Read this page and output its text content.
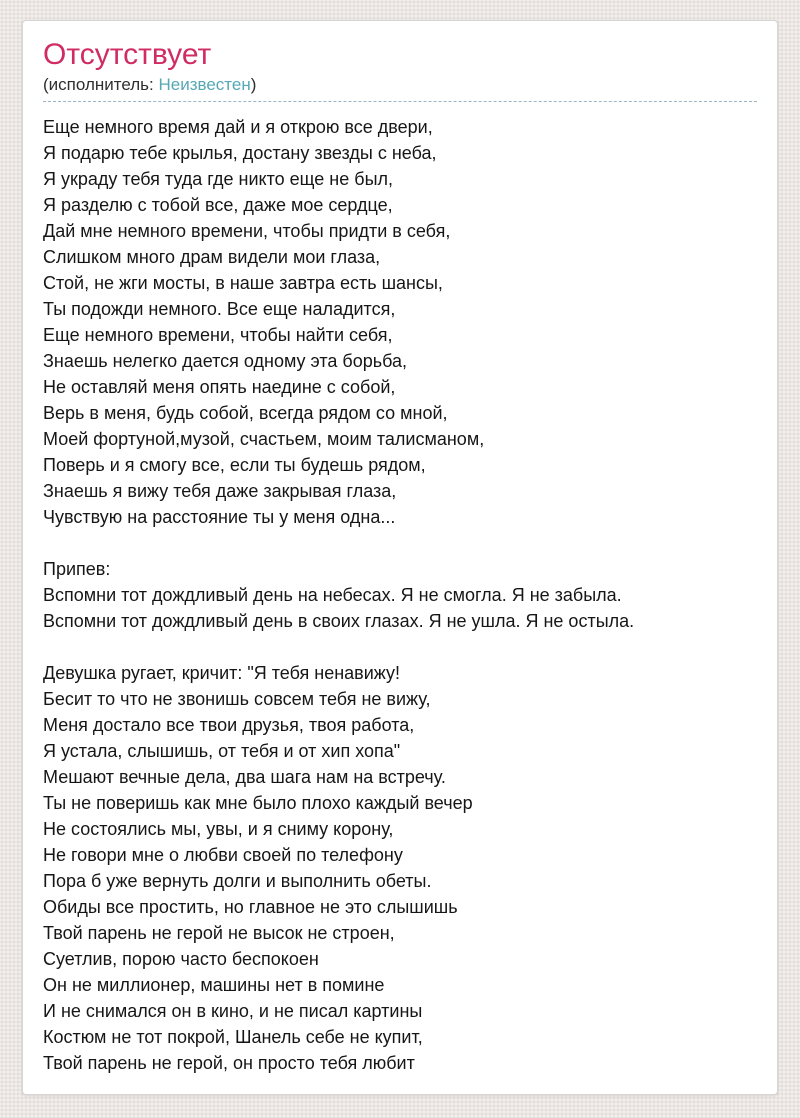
Отсутствует
(исполнитель: Неизвестен)
Еще немного время дай и я открою все двери,
Я подарю тебе крылья, достану звезды с неба,
Я украду тебя туда где никто еще не был,
Я разделю с тобой все, даже мое сердце,
Дай мне немного времени, чтобы придти в себя,
Слишком много драм видели мои глаза,
Стой, не жги мосты, в наше завтра есть шансы,
Ты подожди немного. Все еще наладится,
Еще немного времени, чтобы найти себя,
Знаешь нелегко дается одному эта борьба,
Не оставляй меня опять наедине с собой,
Верь в меня, будь собой, всегда рядом со мной,
Моей фортуной,музой, счастьем, моим талисманом,
Поверь и я смогу все, если ты будешь рядом,
Знаешь я вижу тебя даже закрывая глаза,
Чувствую на расстояние ты у меня одна...
Припев:
Вспомни тот дождливый день на небесах. Я не смогла. Я не забыла.
Вспомни тот дождливый день в своих глазах. Я не ушла. Я не остыла.
Девушка ругает, кричит: "Я тебя ненавижу!
Бесит то что не звонишь совсем тебя не вижу,
Меня достало все твои друзья, твоя работа,
Я устала, слышишь, от тебя и от хип хопа"
Мешают вечные дела, два шага нам на встречу.
Ты не поверишь как мне было плохо каждый вечер
Не состоялись мы, увы, и я сниму корону,
Не говори мне о любви своей по телефону
Пора б уже вернуть долги и выполнить обеты.
Обиды все простить, но главное не это слышишь
Твой парень не герой не высок не строен,
Суетлив, порою часто беспокоен
Он не миллионер, машины нет в помине
И не снимался он в кино, и не писал картины
Костюм не тот покрой, Шанель себе не купит,
Твой парень не герой, он просто тебя любит
